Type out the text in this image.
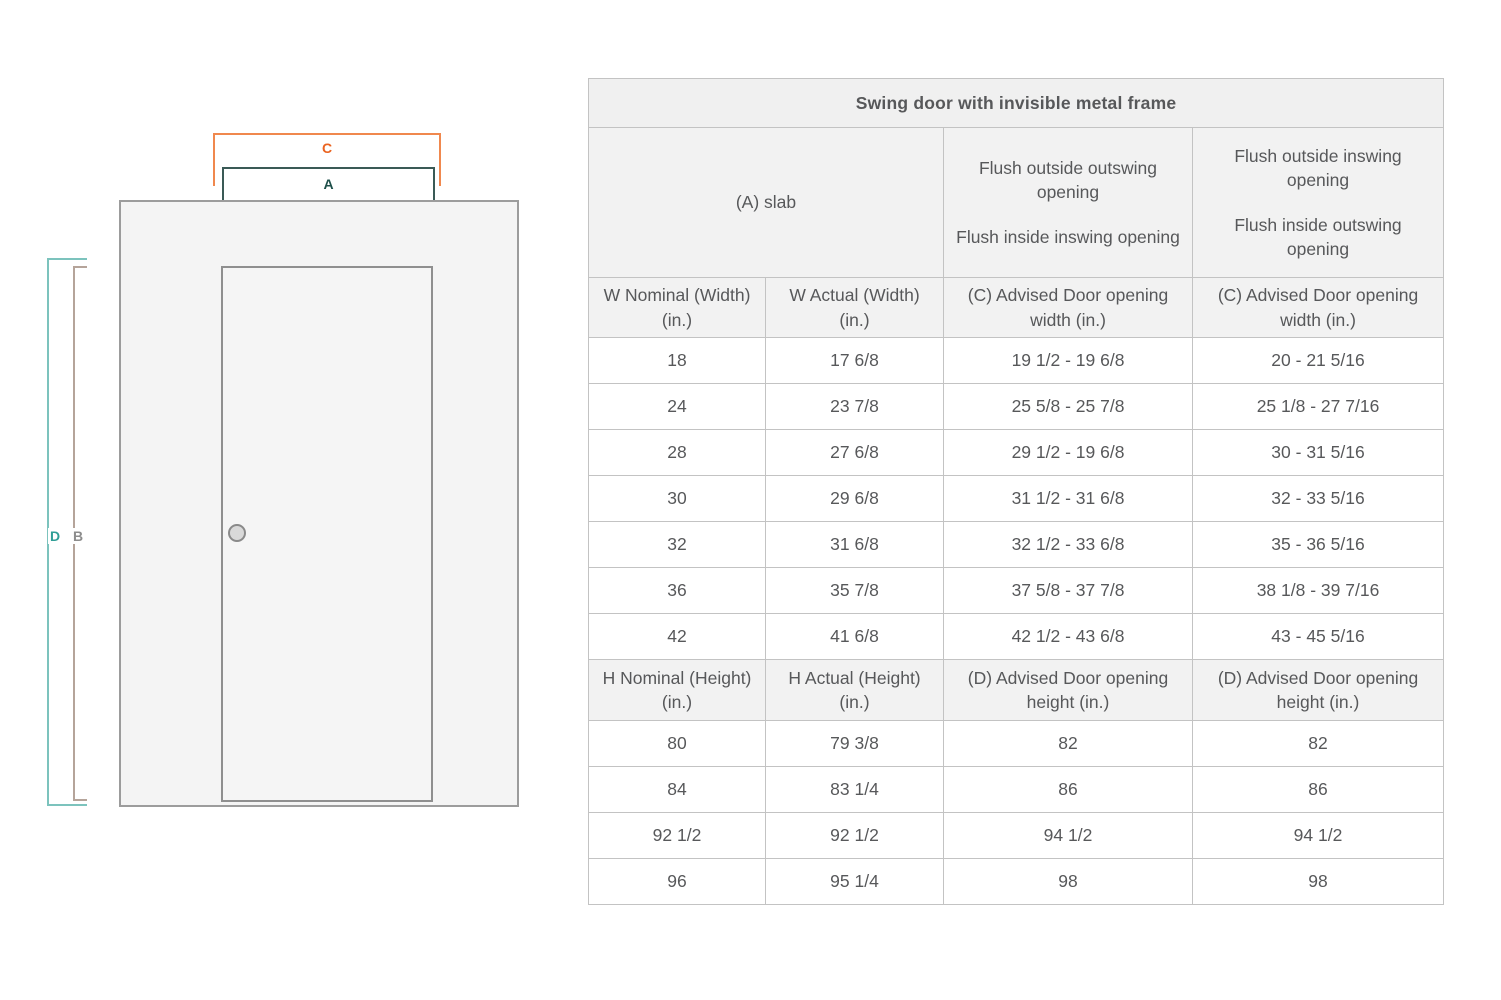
C
A
D B
Swing door with invisible metal frame			
(A) slab	
Flush outside outswing opening
Flush inside inswing opening

Flush outside inswing opening
Flush inside outswing opening

W Nominal (Width) (in.)	W Actual (Width) (in.)	(C) Advised Door opening width (in.)	(C) Advised Door opening width (in.)
18	17 6/8	19 1/2 - 19 6/8	20 - 21 5/16
24	23 7/8	25 5/8 - 25 7/8	25 1/8 - 27 7/16
28	27 6/8	29 1/2 - 19 6/8	30 - 31 5/16
30	29 6/8	31 1/2 - 31 6/8	32 - 33 5/16
32	31 6/8	32 1/2 - 33 6/8	35 - 36 5/16
36	35 7/8	37 5/8 - 37 7/8	38 1/8 - 39 7/16
42	41 6/8	42 1/2 - 43 6/8	43 - 45 5/16
H Nominal (Height) (in.)	H Actual (Height) (in.)	(D) Advised Door opening height (in.)	(D) Advised Door opening height (in.)
80	79 3/8	82	82
84	83 1/4	86	86
92 1/2	92 1/2	94 1/2	94 1/2
96	95 1/4	98	98
